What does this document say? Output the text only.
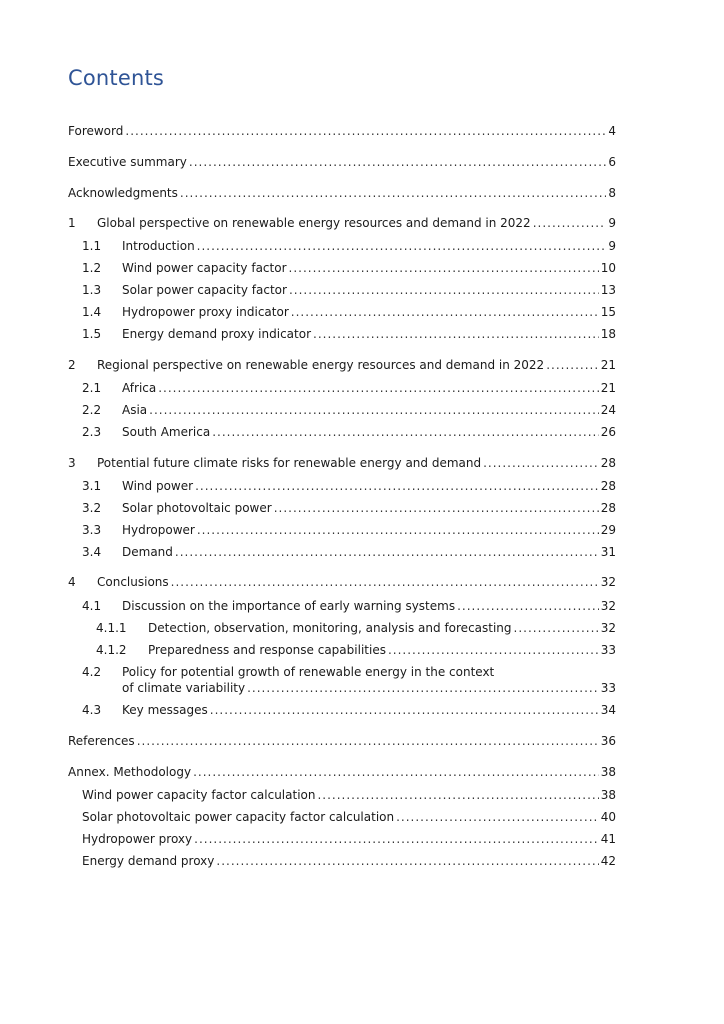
Contents
Foreword .....	4
Executive summary .....	6
Acknowledgments .....	8
1	Global perspective on renewable energy resources and demand in 2022 .....	9
1.1	Introduction .....	9
1.2	Wind power capacity factor .....	10
1.3	Solar power capacity factor .....	13
1.4	Hydropower proxy indicator .....	15
1.5	Energy demand proxy indicator .....	18
2	Regional perspective on renewable energy resources and demand in 2022 .....	21
2.1	Africa .....	21
2.2	Asia .....	24
2.3	South America .....	26
3	Potential future climate risks for renewable energy and demand .....	28
3.1	Wind power .....	28
3.2	Solar photovoltaic power .....	28
3.3	Hydropower .....	29
3.4	Demand .....	31
4	Conclusions .....	32
4.1	Discussion on the importance of early warning systems .....	32
4.1.1	Detection, observation, monitoring, analysis and forecasting .....	32
4.1.2	Preparedness and response capabilities .....	33
4.2	Policy for potential growth of renewable energy in the context
of climate variability .....	33
4.3	Key messages .....	34
References .....	36
Annex. Methodology .....	38
Wind power capacity factor calculation .....	38
Solar photovoltaic power capacity factor calculation .....	40
Hydropower proxy .....	41
Energy demand proxy .....	42
